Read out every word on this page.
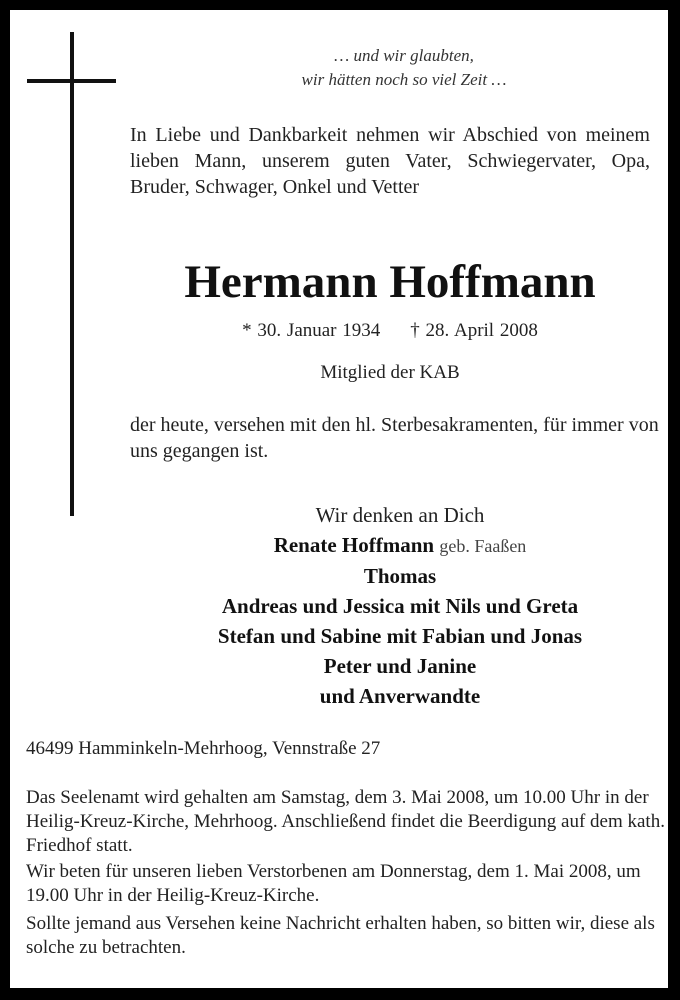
… und wir glaubten,
wir hätten noch so viel Zeit …
In Liebe und Dankbarkeit nehmen wir Abschied von meinem lieben Mann, unserem guten Vater, Schwiegervater, Opa, Bruder, Schwager, Onkel und Vetter
Hermann Hoffmann
* 30. Januar 1934 † 28. April 2008
Mitglied der KAB
der heute, versehen mit den hl. Sterbesakramenten, für immer von uns gegangen ist.
Wir denken an Dich
Renate Hoffmann geb. Faaßen
Thomas
Andreas und Jessica mit Nils und Greta
Stefan und Sabine mit Fabian und Jonas
Peter und Janine
und Anverwandte
46499 Hamminkeln-Mehrhoog, Vennstraße 27
Das Seelenamt wird gehalten am Samstag, dem 3. Mai 2008, um 10.00 Uhr in der Heilig-Kreuz-Kirche, Mehrhoog. Anschließend findet die Beerdigung auf dem kath. Friedhof statt.
Wir beten für unseren lieben Verstorbenen am Donnerstag, dem 1. Mai 2008, um 19.00 Uhr in der Heilig-Kreuz-Kirche.
Sollte jemand aus Versehen keine Nachricht erhalten haben, so bitten wir, diese als solche zu betrachten.
